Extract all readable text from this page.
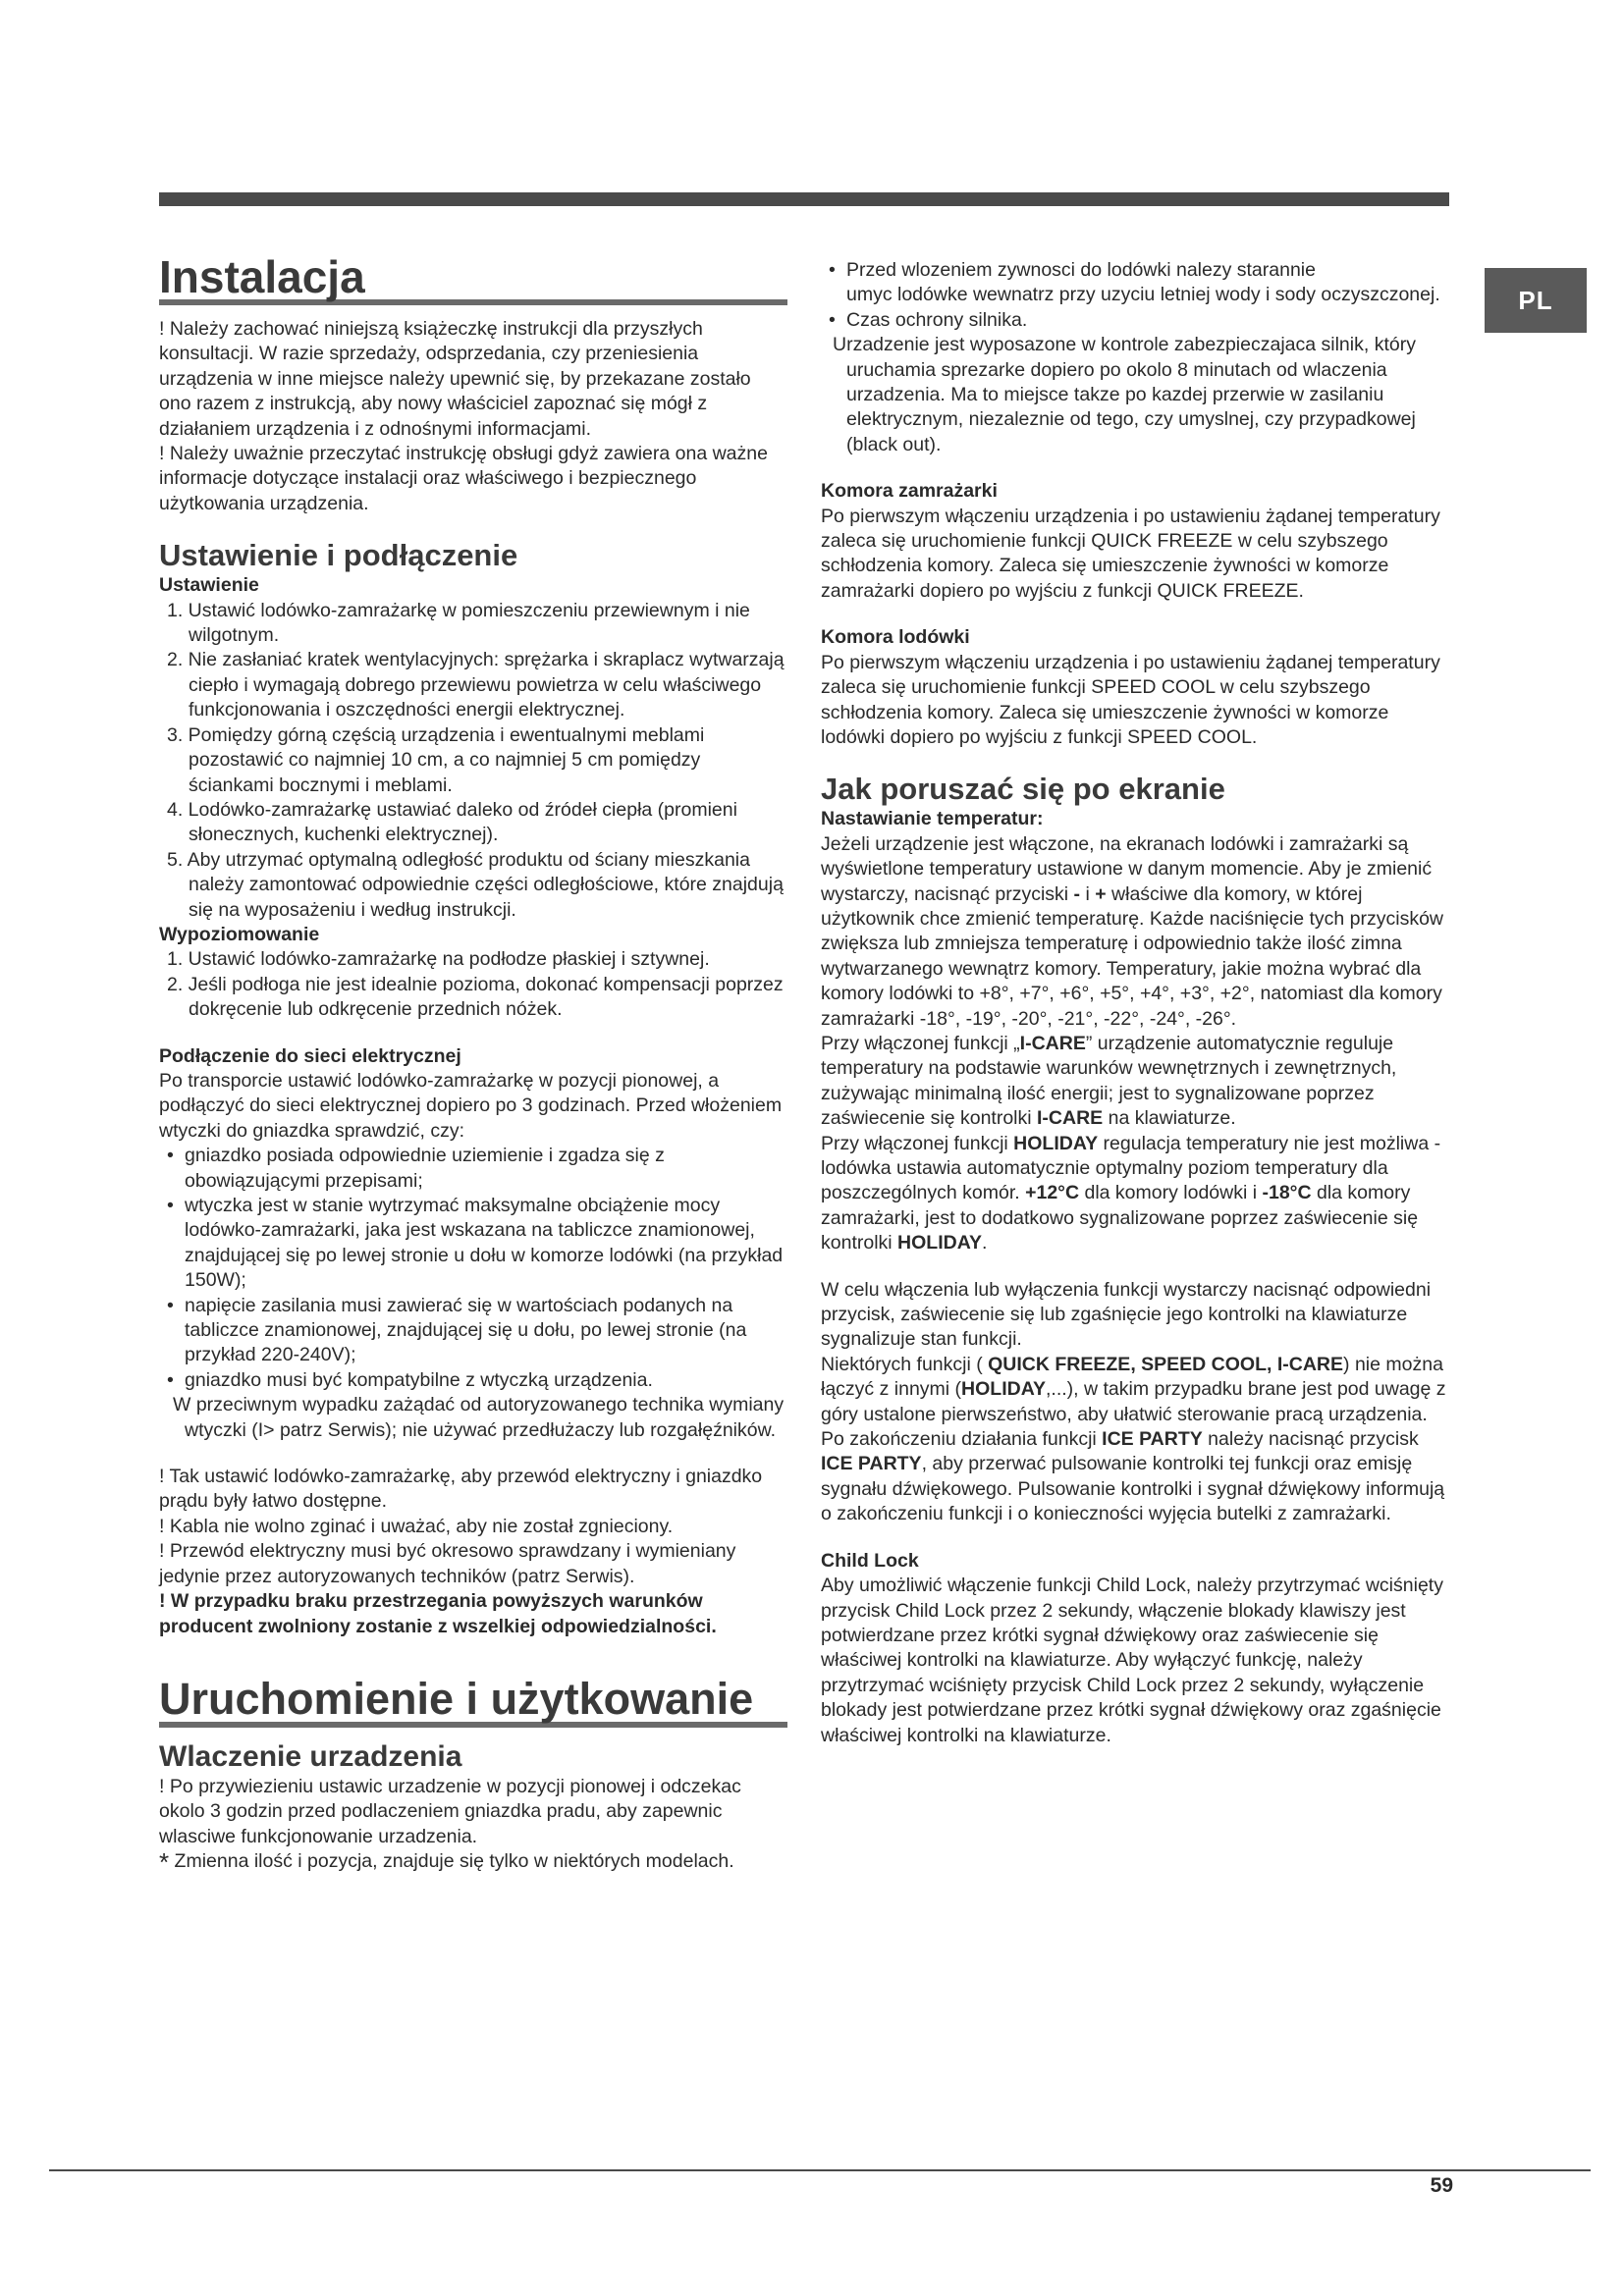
PL
Instalacja

! Należy zachować niniejszą książeczkę instrukcji dla przyszłych konsultacji. W razie sprzedaży, odsprzedania, czy przeniesienia urządzenia w inne miejsce należy upewnić się, by przekazane zostało ono razem z instrukcją, aby nowy właściciel zapoznać się mógł z działaniem urządzenia i z odnośnymi informacjami.

! Należy uważnie przeczytać instrukcję obsługi gdyż zawiera ona ważne informacje dotyczące instalacji oraz właściwego i bezpiecznego użytkowania urządzenia.

Ustawienie i podłączenie
Ustawienie
1. Ustawić lodówko-zamrażarkę w pomieszczeniu przewiewnym i nie wilgotnym.
2. Nie zasłaniać kratek wentylacyjnych: sprężarka i skraplacz wytwarzają ciepło i wymagają dobrego przewiewu powietrza w celu właściwego funkcjonowania i oszczędności energii elektrycznej.
3. Pomiędzy górną częścią urządzenia i ewentualnymi meblami pozostawić co najmniej 10 cm, a co najmniej 5 cm pomiędzy ściankami bocznymi i meblami.
4. Lodówko-zamrażarkę ustawiać daleko od źródeł ciepła (promieni słonecznych, kuchenki elektrycznej).
5. Aby utrzymać optymalną odległość produktu od ściany mieszkania należy zamontować odpowiednie części odległościowe, które znajdują się na wyposażeniu i według instrukcji.
Wypoziomowanie
1. Ustawić lodówko-zamrażarkę na podłodze płaskiej i sztywnej.
2. Jeśli podłoga nie jest idealnie pozioma, dokonać kompensacji poprzez dokręcenie lub odkręcenie przednich nóżek.
Podłączenie do sieci elektrycznej

Po transporcie ustawić lodówko-zamrażarkę w pozycji pionowej, a podłączyć do sieci elektrycznej dopiero po 3 godzinach. Przed włożeniem wtyczki do gniazdka sprawdzić, czy:

• gniazdko posiada odpowiednie uziemienie i zgadza się z obowiązującymi przepisami;
• wtyczka jest w stanie wytrzymać maksymalne obciążenie mocy lodówko-zamrażarki, jaka jest wskazana na tabliczce znamionowej, znajdującej się po lewej stronie u dołu w komorze lodówki (na przykład 150W);
• napięcie zasilania musi zawierać się w wartościach podanych na tabliczce znamionowej, znajdującej się u dołu, po lewej stronie (na przykład 220-240V);
• gniazdko musi być kompatybilne z wtyczką urządzenia.

W przeciwnym wypadku zażądać od autoryzowanego technika wymiany wtyczki (I> patrz Serwis); nie używać przedłużaczy lub rozgałęźników.

! Tak ustawić lodówko-zamrażarkę, aby przewód elektryczny i gniazdko prądu były łatwo dostępne.

! Kabla nie wolno zginać i uważać, aby nie został zgnieciony.

! Przewód elektryczny musi być okresowo sprawdzany i wymieniany jedynie przez autoryzowanych techników (patrz Serwis).

! W przypadku braku przestrzegania powyższych warunków producent zwolniony zostanie z wszelkiej odpowiedzialności.

Uruchomienie i użytkowanie
Wlaczenie urzadzenia

! Po przywiezieniu ustawic urzadzenie w pozycji pionowej i odczekac okolo 3 godzin przed podlaczeniem gniazdka pradu, aby zapewnic wlasciwe funkcjonowanie urzadzenia.

* Zmienna ilość i pozycja, znajduje się tylko w niektórych modelach.

• Przed wlozeniem zywnosci do lodówki nalezy starannie

umyc lodówke wewnatrz przy uzyciu letniej wody i sody oczyszczonej.

• Czas ochrony silnika.

Urzadzenie jest wyposazone w kontrole zabezpieczajaca silnik, który uruchamia sprezarke dopiero po okolo 8 minutach od wlaczenia urzadzenia. Ma to miejsce takze po kazdej przerwie w zasilaniu elektrycznym, niezaleznie od tego, czy umyslnej, czy przypadkowej (black out).

Komora zamrażarki

Po pierwszym włączeniu urządzenia i po ustawieniu żądanej temperatury zaleca się uruchomienie funkcji QUICK FREEZE w celu szybszego schłodzenia komory. Zaleca się umieszczenie żywności w komorze zamrażarki dopiero po wyjściu z funkcji QUICK FREEZE.

Komora lodówki

Po pierwszym włączeniu urządzenia i po ustawieniu żądanej temperatury zaleca się uruchomienie funkcji SPEED COOL w celu szybszego schłodzenia komory. Zaleca się umieszczenie żywności w komorze lodówki dopiero po wyjściu z funkcji SPEED COOL.

Jak poruszać się po ekranie
Nastawianie temperatur:

Jeżeli urządzenie jest włączone, na ekranach lodówki i zamrażarki są wyświetlone temperatury ustawione w danym momencie. Aby je zmienić wystarczy, nacisnąć przyciski - i + właściwe dla komory, w której użytkownik chce zmienić temperaturę. Każde naciśnięcie tych przycisków zwiększa lub zmniejsza temperaturę i odpowiednio także ilość zimna wytwarzanego wewnątrz komory. Temperatury, jakie można wybrać dla komory lodówki to +8°, +7°, +6°, +5°, +4°, +3°, +2°, natomiast dla komory zamrażarki -18°, -19°, -20°, -21°, -22°, -24°, -26°.

Przy włączonej funkcji „I-CARE” urządzenie automatycznie reguluje temperatury na podstawie warunków wewnętrznych i zewnętrznych, zużywając minimalną ilość energii; jest to sygnalizowane poprzez zaświecenie się kontrolki I-CARE na klawiaturze.

Przy włączonej funkcji HOLIDAY regulacja temperatury nie jest możliwa - lodówka ustawia automatycznie optymalny poziom temperatury dla poszczególnych komór. +12°C dla komory lodówki i -18°C dla komory zamrażarki, jest to dodatkowo sygnalizowane poprzez zaświecenie się kontrolki HOLIDAY.

W celu włączenia lub wyłączenia funkcji wystarczy nacisnąć odpowiedni przycisk, zaświecenie się lub zgaśnięcie jego kontrolki na klawiaturze sygnalizuje stan funkcji.

Niektórych funkcji ( QUICK FREEZE, SPEED COOL, I-CARE) nie można łączyć z innymi (HOLIDAY,...), w takim przypadku brane jest pod uwagę z góry ustalone pierwszeństwo, aby ułatwić sterowanie pracą urządzenia.

Po zakończeniu działania funkcji ICE PARTY należy nacisnąć przycisk ICE PARTY, aby przerwać pulsowanie kontrolki tej funkcji oraz emisję sygnału dźwiękowego. Pulsowanie kontrolki i sygnał dźwiękowy informują o zakończeniu funkcji i o konieczności wyjęcia butelki z zamrażarki.

Child Lock

Aby umożliwić włączenie funkcji Child Lock, należy przytrzymać wciśnięty przycisk Child Lock przez 2 sekundy, włączenie blokady klawiszy jest potwierdzane przez krótki sygnał dźwiękowy oraz zaświecenie się właściwej kontrolki na klawiaturze. Aby wyłączyć funkcję, należy przytrzymać wciśnięty przycisk Child Lock przez 2 sekundy, wyłączenie blokady jest potwierdzane przez krótki sygnał dźwiękowy oraz zgaśnięcie właściwej kontrolki na klawiaturze.

59
